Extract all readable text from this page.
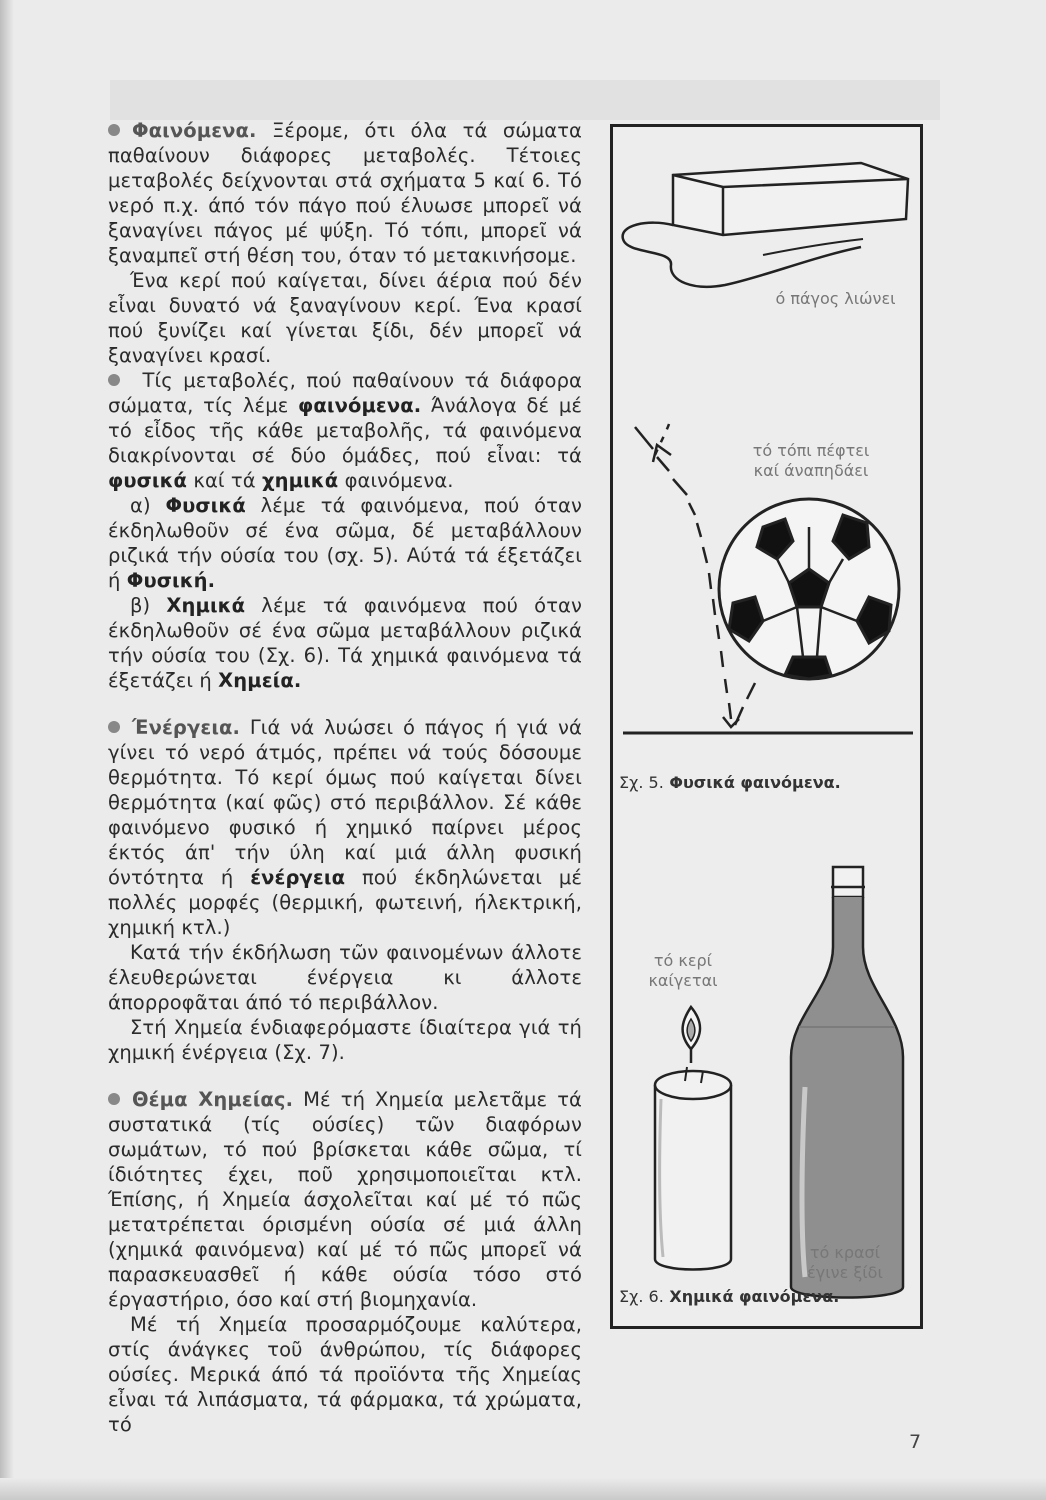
Φαινόμενα. Ξέρομε, ότι όλα τά σώματα παθαίνουν διάφορες μεταβολές. Τέτοιες μεταβολές δείχνονται στά σχήματα 5 καί 6. Τό νερό π.χ. άπό τόν πάγο πού έλυωσε μπορεῖ νά ξαναγίνει πάγος μέ ψύξη. Τό τόπι, μπορεῖ νά ξαναμπεῖ στή θέση του, όταν τό μετακινήσομε.

Ένα κερί πού καίγεται, δίνει άέρια πού δέν εἶναι δυνατό νά ξαναγίνουν κερί. Ένα κρασί πού ξυνίζει καί γίνεται ξίδι, δέν μπορεῖ νά ξαναγίνει κρασί.

Τίς μεταβολές, πού παθαίνουν τά διάφορα σώματα, τίς λέμε φαινόμενα. Άνάλογα δέ μέ τό εἶδος τῆς κάθε μεταβολῆς, τά φαινόμενα διακρίνονται σέ δύο όμάδες, πού εἶναι: τά φυσικά καί τά χημικά φαινόμενα.

α) Φυσικά λέμε τά φαινόμενα, πού όταν έκδηλωθοῦν σέ ένα σῶμα, δέ μεταβάλλουν ριζικά τήν ούσία του (σχ. 5). Αύτά τά έξετάζει ή Φυσική.

β) Χημικά λέμε τά φαινόμενα πού όταν έκδηλωθοῦν σέ ένα σῶμα μεταβάλλουν ριζικά τήν ούσία του (Σχ. 6). Τά χημικά φαινόμενα τά έξετάζει ή Χημεία.

Ένέργεια. Γιά νά λυώσει ό πάγος ή γιά νά γίνει τό νερό άτμός, πρέπει νά τούς δόσουμε θερμότητα. Τό κερί όμως πού καίγεται δίνει θερμότητα (καί φῶς) στό περιβάλλον. Σέ κάθε φαινόμενο φυσικό ή χημικό παίρνει μέρος έκτός άπ' τήν ύλη καί μιά άλλη φυσική όντότητα ή ένέργεια πού έκδηλώνεται μέ πολλές μορφές (θερμική, φωτεινή, ήλεκτρική, χημική κτλ.)

Κατά τήν έκδήλωση τῶν φαινομένων άλλοτε έλευθερώνεται ένέργεια κι άλλοτε άπορροφᾶται άπό τό περιβάλλον.

Στή Χημεία ένδιαφερόμαστε ίδιαίτερα γιά τή χημική ένέργεια (Σχ. 7).

Θέμα Χημείας. Μέ τή Χημεία μελετᾶμε τά συστατικά (τίς ούσίες) τῶν διαφόρων σωμάτων, τό πού βρίσκεται κάθε σῶμα, τί ίδιότητες έχει, ποῦ χρησιμοποιεῖται κτλ. Έπίσης, ή Χημεία άσχολεῖται καί μέ τό πῶς μετατρέπεται όρισμένη ούσία σέ μιά άλλη (χημικά φαινόμενα) καί μέ τό πῶς μπορεῖ νά παρασκευασθεῖ ή κάθε ούσία τόσο στό έργαστήριο, όσο καί στή βιομηχανία.

Μέ τή Χημεία προσαρμόζουμε καλύτερα, στίς άνάγκες τοῦ άνθρώπου, τίς διάφορες ούσίες. Μερικά άπό τά προϊόντα τῆς Χημείας εἶναι τά λιπάσματα, τά φάρμακα, τά χρώματα, τό

ό πάγος λιώνει
τό τόπι πέφτει
καί άναπηδάει
Σχ. 5. Φυσικά φαινόμενα.
τό κερί
καίγεται
τό κρασί
έγινε ξίδι
Σχ. 6. Χημικά φαινόμενα.
7
